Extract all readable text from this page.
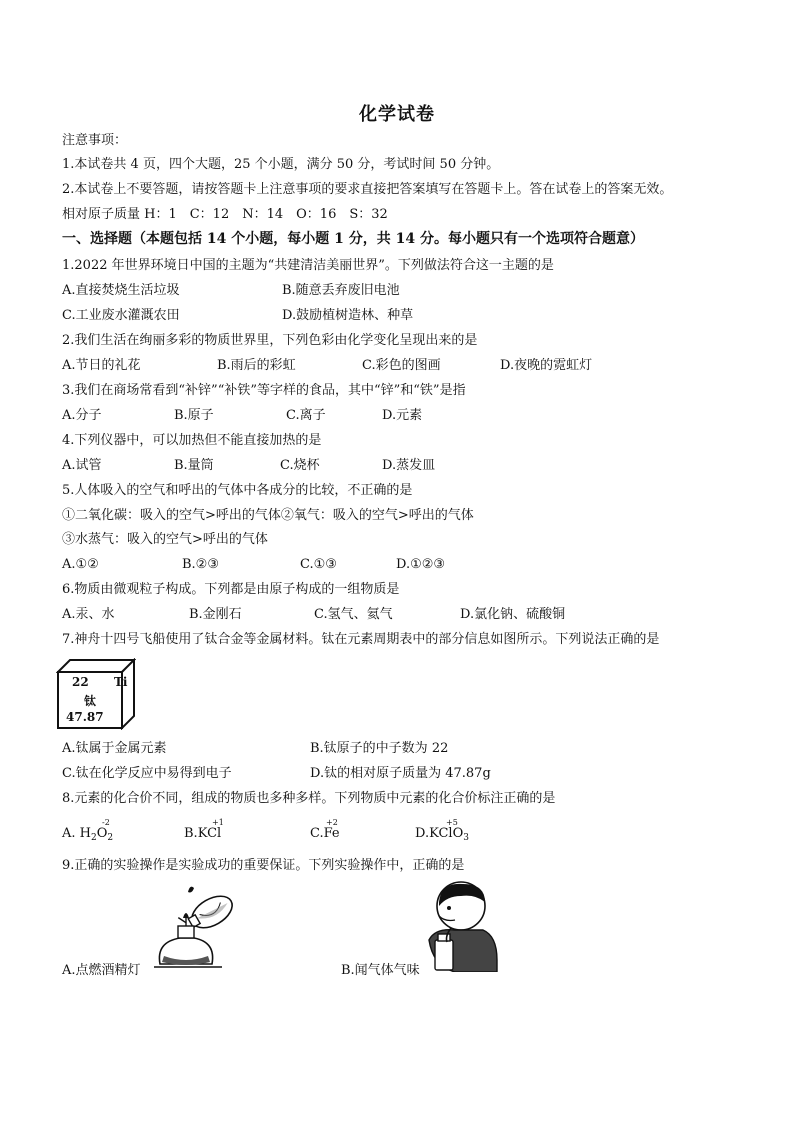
化学试卷
注意事项：
1.本试卷共 4 页，四个大题，25 个小题，满分 50 分，考试时间 50 分钟。
2.本试卷上不要答题，请按答题卡上注意事项的要求直接把答案填写在答题卡上。答在试卷上的答案无效。
相对原子质量 H：1　C：12　N：14　O：16　S：32
一、选择题（本题包括 14 个小题，每小题 1 分，共 14 分。每小题只有一个选项符合题意）
1.2022 年世界环境日中国的主题为“共建清洁美丽世界”。下列做法符合这一主题的是
A.直接焚烧生活垃圾	B.随意丢弃废旧电池
C.工业废水灌溉农田	D.鼓励植树造林、种草
2.我们生活在绚丽多彩的物质世界里，下列色彩由化学变化呈现出来的是
A.节日的礼花	B.雨后的彩虹	C.彩色的图画	D.夜晚的霓虹灯
3.我们在商场常看到“补锌”“补铁”等字样的食品，其中“锌”和“铁”是指
A.分子	B.原子	C.离子	D.元素
4.下列仪器中，可以加热但不能直接加热的是
A.试管	B.量筒	C.烧杯	D.蒸发皿
5.人体吸入的空气和呼出的气体中各成分的比较，不正确的是
①二氧化碳：吸入的空气>呼出的气体②氧气：吸入的空气>呼出的气体
③水蒸气：吸入的空气>呼出的气体
A.①②	B.②③	C.①③	D.①②③
6.物质由微观粒子构成。下列都是由原子构成的一组物质是
A.汞、水	B.金刚石	C.氢气、氦气	D.氯化钠、硫酸铜
7.神舟十四号飞船使用了钛合金等金属材料。钛在元素周期表中的部分信息如图所示。下列说法正确的是
22 Ti
钛
47.87
A.钛属于金属元素	B.钛原子的中子数为 22
C.钛在化学反应中易得到电子	D.钛的相对原子质量为 47.87g
8.元素的化合价不同，组成的物质也多种多样。下列物质中元素的化合价标注正确的是
A. $H_2O_2$
-2
B.KCl
+1
C.Fe
+2
D.KClO$_3$
+5
9.正确的实验操作是实验成功的重要保证。下列实验操作中，正确的是
A.点燃酒精灯	B.闻气体气味
